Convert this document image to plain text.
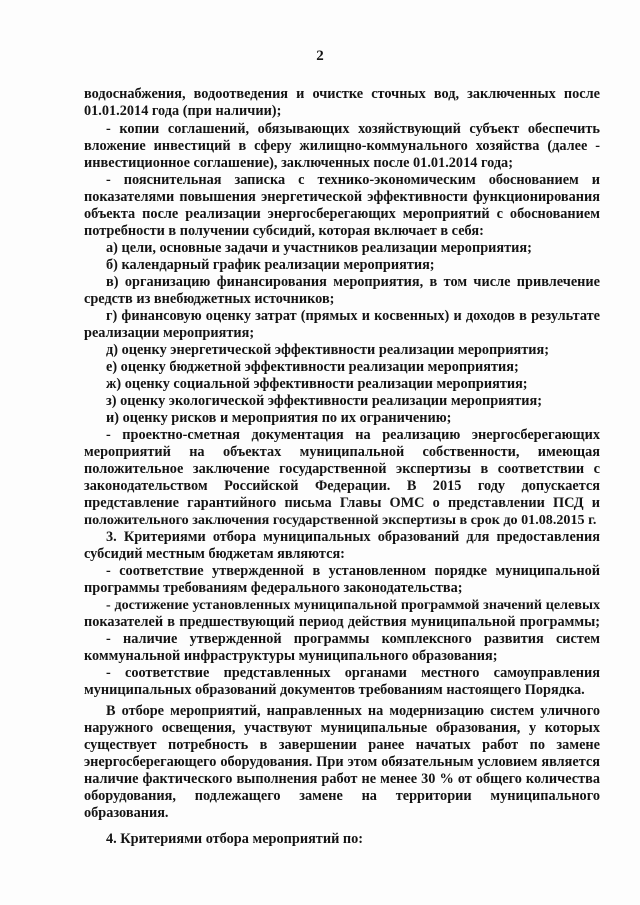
2
водоснабжения, водоотведения и очистке сточных вод, заключенных после
01.01.2014 года (при наличии);
- копии соглашений, обязывающих хозяйствующий субъект обеспечить
вложение инвестиций в сферу жилищно-коммунального хозяйства (далее -
инвестиционное соглашение), заключенных после 01.01.2014 года;
- пояснительная записка с технико-экономическим обоснованием и
показателями повышения энергетической эффективности функционирования
объекта после реализации энергосберегающих мероприятий с обоснованием
потребности в получении субсидий, которая включает в себя:
а) цели, основные задачи и участников реализации мероприятия;
б) календарный график реализации мероприятия;
в) организацию финансирования мероприятия, в том числе привлечение
средств из внебюджетных источников;
г) финансовую оценку затрат (прямых и косвенных) и доходов в результате
реализации мероприятия;
д) оценку энергетической эффективности реализации мероприятия;
е) оценку бюджетной эффективности реализации мероприятия;
ж) оценку социальной эффективности реализации мероприятия;
з) оценку экологической эффективности реализации мероприятия;
и) оценку рисков и мероприятия по их ограничению;
- проектно-сметная документация на реализацию энергосберегающих
мероприятий на объектах муниципальной собственности, имеющая
положительное заключение государственной экспертизы в соответствии с
законодательством Российской Федерации. В 2015 году допускается
представление гарантийного письма Главы ОМС о представлении ПСД и
положительного заключения государственной экспертизы в срок до 01.08.2015 г.
3. Критериями отбора муниципальных образований для предоставления
субсидий местным бюджетам являются:
- соответствие утвержденной в установленном порядке муниципальной
программы требованиям федерального законодательства;
- достижение установленных муниципальной программой значений целевых
показателей в предшествующий период действия муниципальной программы;
- наличие утвержденной программы комплексного развития систем
коммунальной инфраструктуры муниципального образования;
- соответствие представленных органами местного самоуправления
муниципальных образований документов требованиям настоящего Порядка.
В отборе мероприятий, направленных на модернизацию систем уличного
наружного освещения, участвуют муниципальные образования, у которых
существует потребность в завершении ранее начатых работ по замене
энергосберегающего оборудования. При этом обязательным условием является
наличие фактического выполнения работ не менее 30 % от общего количества
оборудования, подлежащего замене на территории муниципального
образования.
4. Критериями отбора мероприятий по:
